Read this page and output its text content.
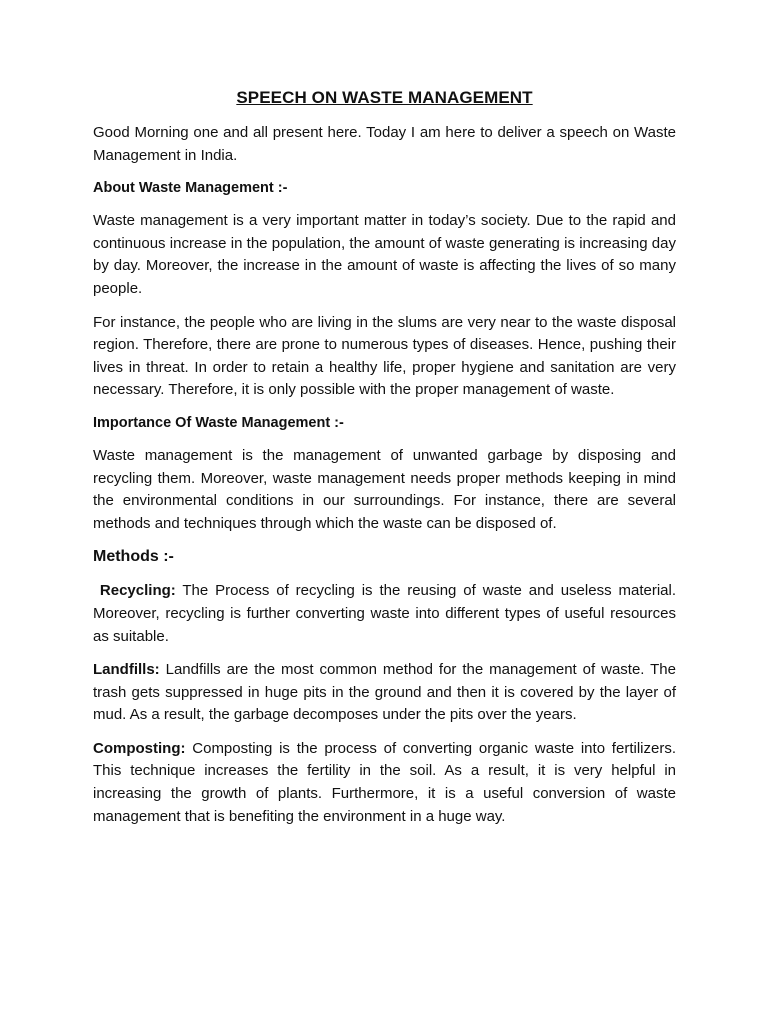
SPEECH ON WASTE MANAGEMENT

Good Morning one and all present here. Today I am here to deliver a speech on Waste Management in India.

About Waste Management :-

Waste management is a very important matter in today’s society. Due to the rapid and continuous increase in the population, the amount of waste generating is increasing day by day. Moreover, the increase in the amount of waste is affecting the lives of so many people.

For instance, the people who are living in the slums are very near to the waste disposal region. Therefore, there are prone to numerous types of diseases. Hence, pushing their lives in threat. In order to retain a healthy life, proper hygiene and sanitation are very necessary. Therefore, it is only possible with the proper management of waste.

Importance Of Waste Management :-

Waste management is the management of unwanted garbage by disposing and recycling them. Moreover, waste management needs proper methods keeping in mind the environmental conditions in our surroundings. For instance, there are several methods and techniques through which the waste can be disposed of.

Methods :-

Recycling: The Process of recycling is the reusing of waste and useless material. Moreover, recycling is further converting waste into different types of useful resources as suitable.

Landfills: Landfills are the most common method for the management of waste. The trash gets suppressed in huge pits in the ground and then it is covered by the layer of mud. As a result, the garbage decomposes under the pits over the years.

Composting: Composting is the process of converting organic waste into fertilizers. This technique increases the fertility in the soil. As a result, it is very helpful in increasing the growth of plants. Furthermore, it is a useful conversion of waste management that is benefiting the environment in a huge way.
